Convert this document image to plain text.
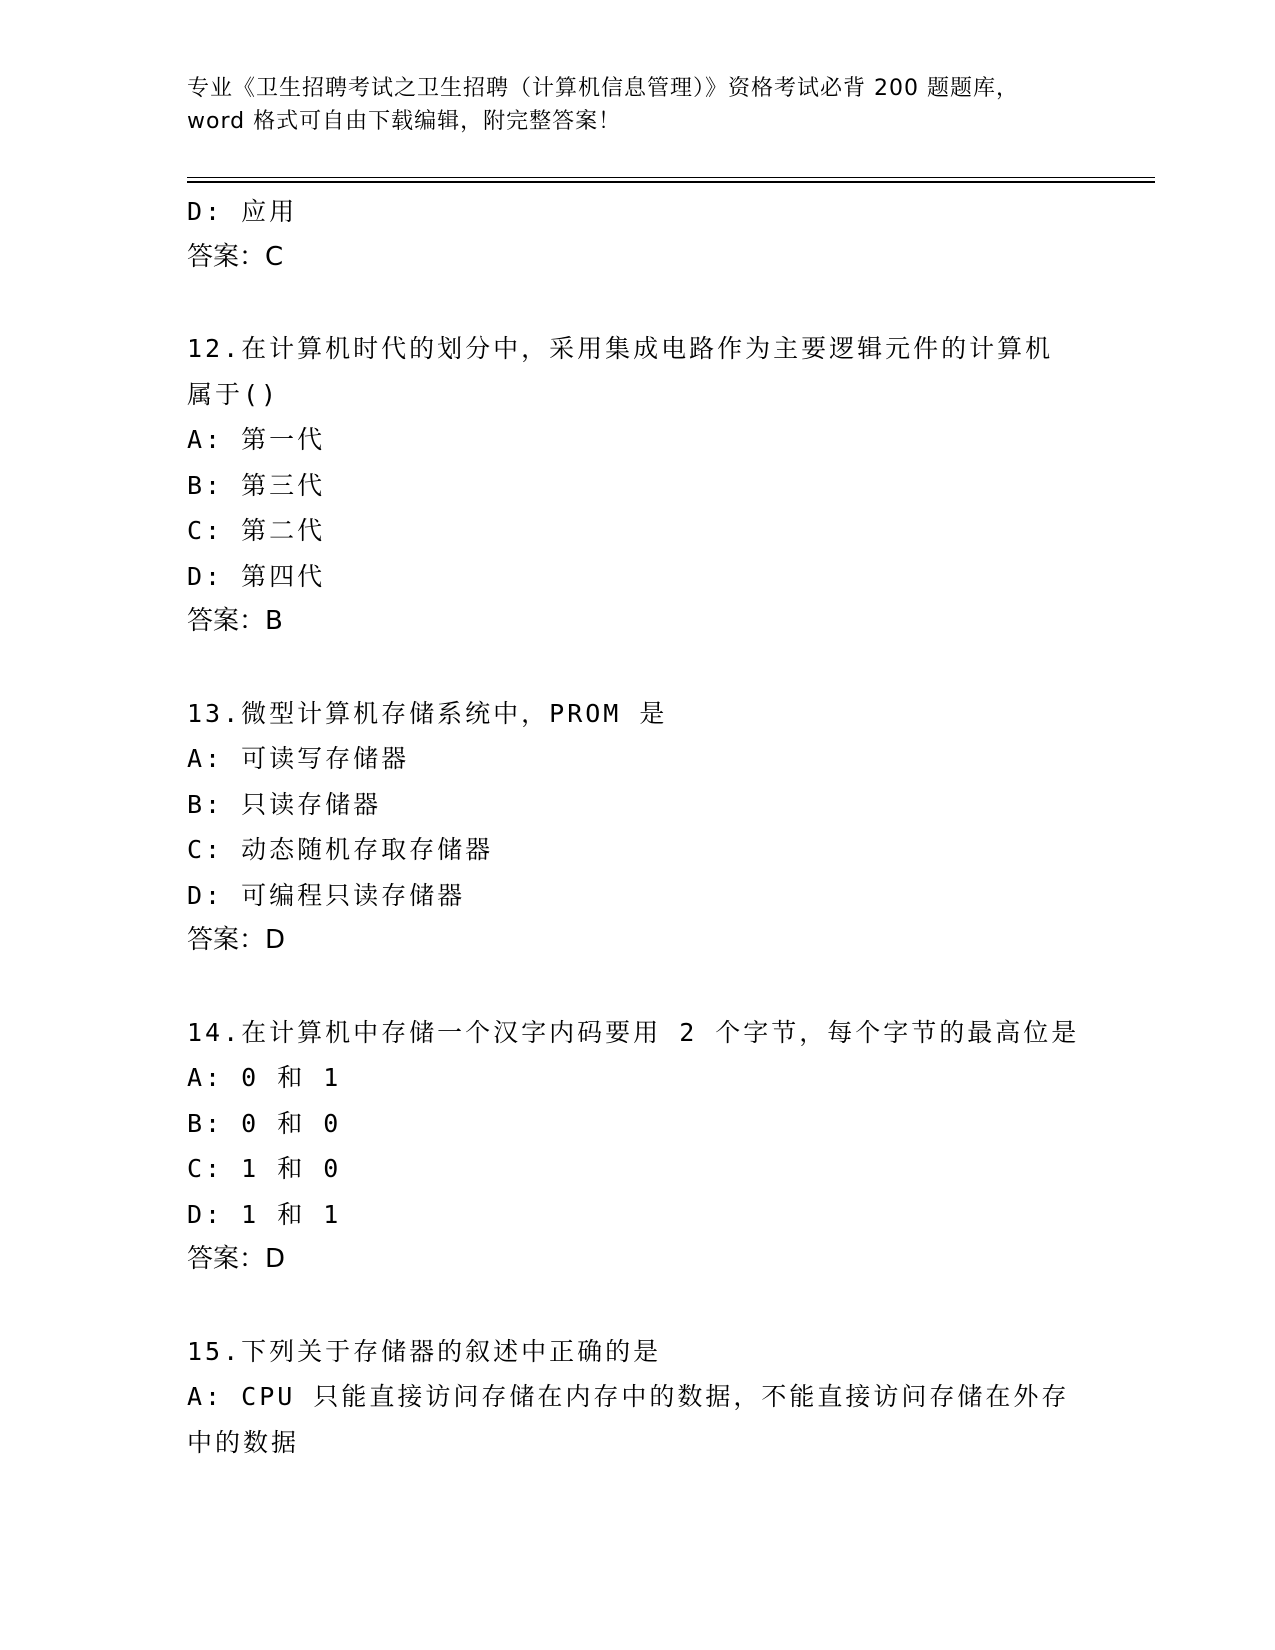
专业《卫生招聘考试之卫生招聘（计算机信息管理）》资格考试必背 200 题题库，

word 格式可自由下载编辑，附完整答案！

D: 应用
答案：C
12.在计算机时代的划分中，采用集成电路作为主要逻辑元件的计算机
属于()
A: 第一代
B: 第三代
C: 第二代
D: 第四代
答案：B
13.微型计算机存储系统中，PROM 是
A: 可读写存储器
B: 只读存储器
C: 动态随机存取存储器
D: 可编程只读存储器
答案：D
14.在计算机中存储一个汉字内码要用 2 个字节，每个字节的最高位是
A: 0 和 1
B: 0 和 0
C: 1 和 0
D: 1 和 1
答案：D
15.下列关于存储器的叙述中正确的是
A: CPU 只能直接访问存储在内存中的数据，不能直接访问存储在外存
中的数据
